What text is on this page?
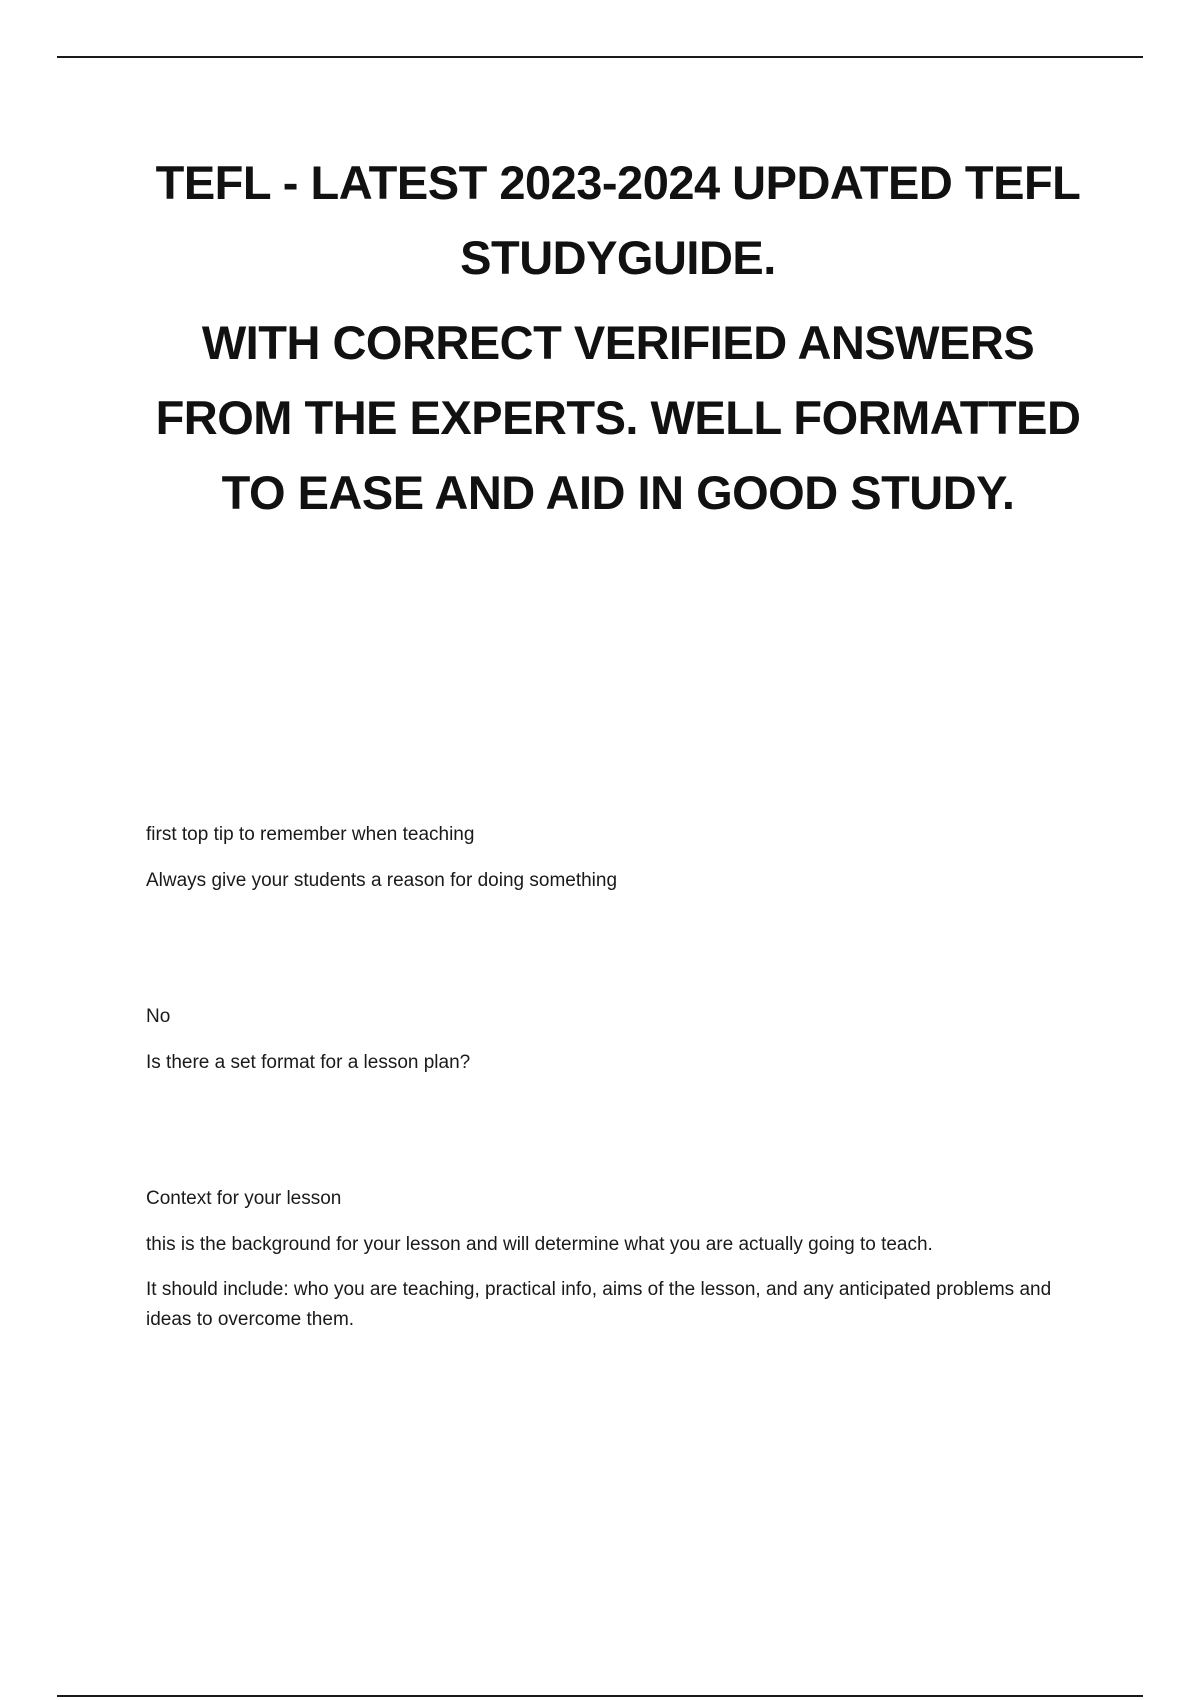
TEFL - LATEST 2023-2024 UPDATED TEFL

STUDYGUIDE.

WITH CORRECT VERIFIED ANSWERS

FROM THE EXPERTS. WELL FORMATTED

TO EASE AND AID IN GOOD STUDY.

first top tip to remember when teaching

Always give your students a reason for doing something

No

Is there a set format for a lesson plan?

Context for your lesson

this is the background for your lesson and will determine what you are actually going to teach.

It should include: who you are teaching, practical info, aims of the lesson, and any anticipated problems and ideas to overcome them.
